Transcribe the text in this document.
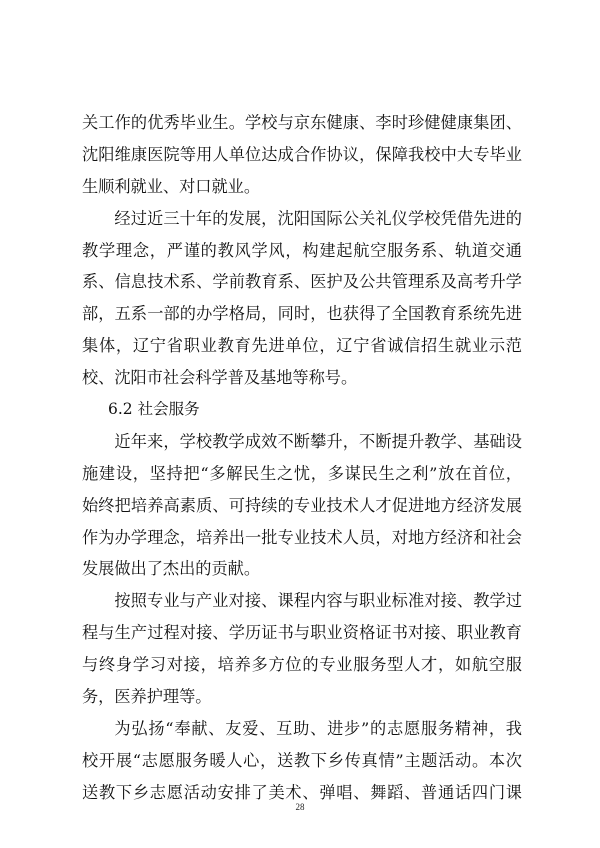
关工作的优秀毕业生。学校与京东健康、李时珍健健康集团、
沈阳维康医院等用人单位达成合作协议，保障我校中大专毕业
生顺利就业、对口就业。
经过近三十年的发展，沈阳国际公关礼仪学校凭借先进的
教学理念，严谨的教风学风，构建起航空服务系、轨道交通
系、信息技术系、学前教育系、医护及公共管理系及高考升学
部，五系一部的办学格局，同时，也获得了全国教育系统先进
集体，辽宁省职业教育先进单位，辽宁省诚信招生就业示范
校、沈阳市社会科学普及基地等称号。
6.2 社会服务
近年来，学校教学成效不断攀升，不断提升教学、基础设
施建设，坚持把“多解民生之忧，多谋民生之利”放在首位，
始终把培养高素质、可持续的专业技术人才促进地方经济发展
作为办学理念，培养出一批专业技术人员，对地方经济和社会
发展做出了杰出的贡献。
按照专业与产业对接、课程内容与职业标准对接、教学过
程与生产过程对接、学历证书与职业资格证书对接、职业教育
与终身学习对接，培养多方位的专业服务型人才，如航空服
务，医养护理等。
为弘扬“奉献、友爱、互助、进步”的志愿服务精神，我
校开展“志愿服务暖人心，送教下乡传真情”主题活动。本次
送教下乡志愿活动安排了美术、弹唱、舞蹈、普通话四门课
28
